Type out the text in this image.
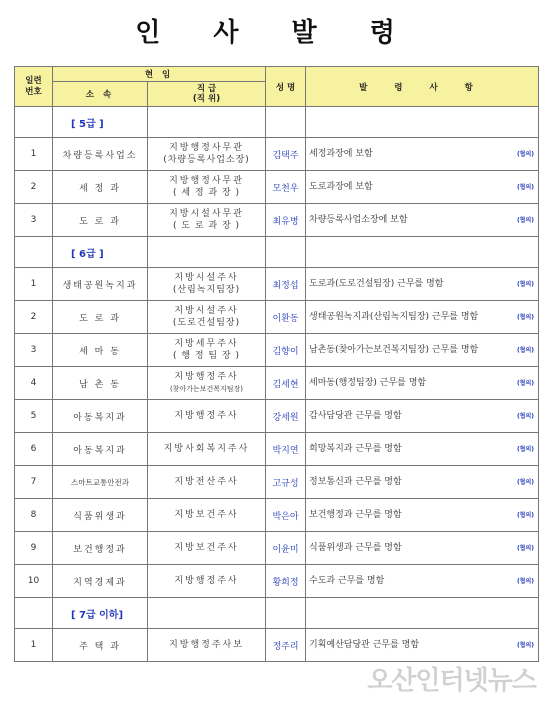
인 사 발 령
일련
번호	현 임		성 명	발 령 사 항
	소 속	직 급
(직 위)		
	[ 5급 ]			
1	차량등록사업소	지방행정사무관
(차량등록사업소장)	김택주	세정과장에 보함 (협의)

2	세 정 과	지방행정사무관
( 세 정 과 장 )	모천우	도로과장에 보함 (협의)

3	도 로 과	지방시설사무관
( 도 로 과 장 )	최유병	차량등록사업소장에 보함 (협의)

	[ 6급 ]			
1	생태공원녹지과	지방시설주사
(산림녹지팀장)	최정섭	도로과(도로건설팀장) 근무를 명함 (협의)

2	도 로 과	지방시설주사
(도로건설팀장)	이환동	생태공원녹지과(산림녹지팀장) 근무를 명함 (협의)

3	세 마 동	지방세무주사
( 행 정 팀 장 )	김향이	남촌동(찾아가는보건복지팀장) 근무를 명함 (협의)

4	남 촌 동	지방행정주사
(찾아가는보건복지팀장)	김세현	세마동(행정팀장) 근무를 명함 (협의)

5	아동복지과	지방행정주사	강세원	감사담당관 근무를 명함 (협의)

6	아동복지과	지방사회복지주사	박지연	희망복지과 근무를 명함 (협의)

7	스마트교통안전과	지방전산주사	고규성	정보통신과 근무를 명함 (협의)

8	식품위생과	지방보건주사	박은아	보건행정과 근무를 명함 (협의)

9	보건행정과	지방보건주사	이윤미	식품위생과 근무를 명함 (협의)

10	지역경제과	지방행정주사	황희정	수도과 근무를 명함 (협의)

	[ 7급 이하]			
1	주 택 과	지방행정주사보	정주리	기획예산담당관 근무를 명함 (협의)
오산인터넷뉴스
